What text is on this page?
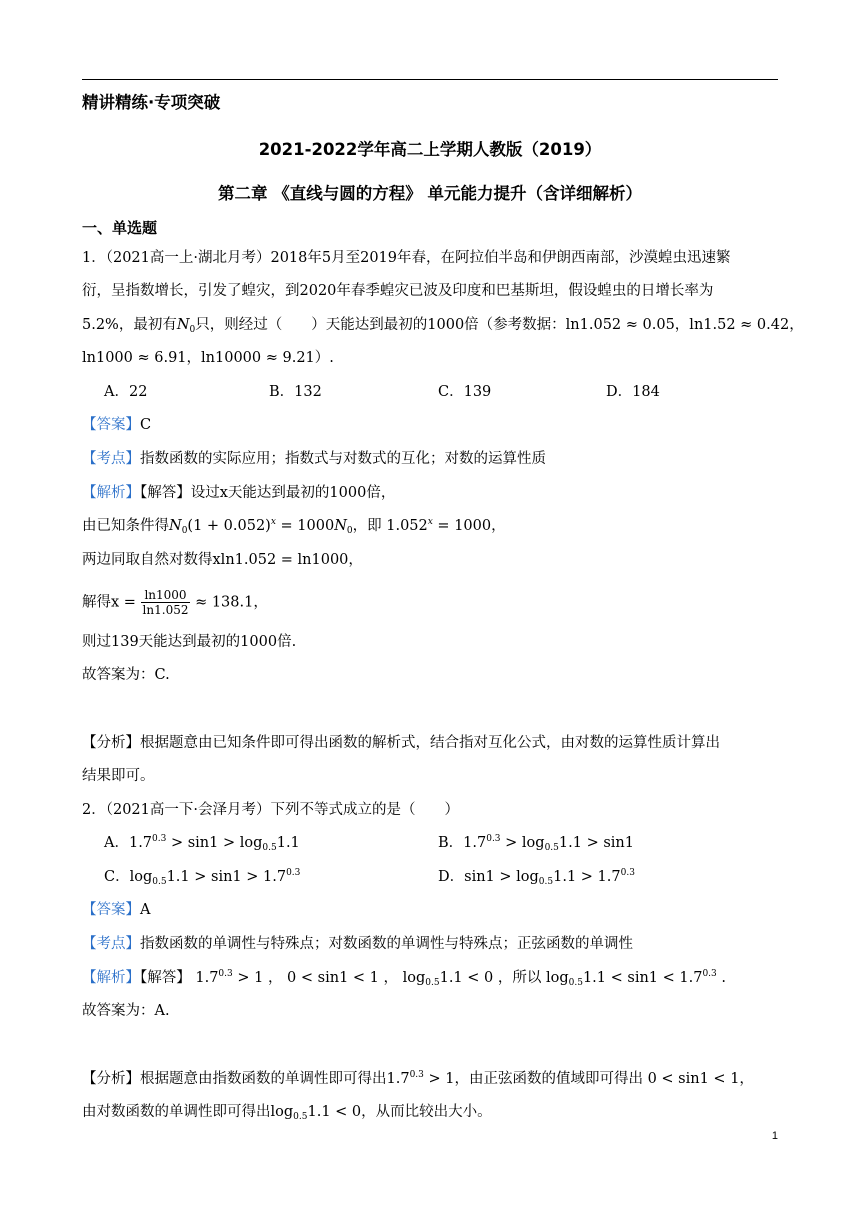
精讲精练·专项突破
2021-2022学年高二上学期人教版（2019）
第二章 《直线与圆的方程》 单元能力提升（含详细解析）
一、单选题
1．（2021高一上·湖北月考）2018年5月至2019年春，在阿拉伯半岛和伊朗西南部，沙漠蝗虫迅速繁
衍，呈指数增长，引发了蝗灾，到2020年春季蝗灾已波及印度和巴基斯坦，假设蝗虫的日增长率为
5.2%，最初有$N_0$只，则经过（　　）天能达到最初的1000倍（参考数据：ln1.052 ≈ 0.05，ln1.52 ≈ 0.42，
ln1000 ≈ 6.91，ln10000 ≈ 9.21）.
A．22	B．132	C．139	D．184
【答案】C
【考点】指数函数的实际应用；指数式与对数式的互化；对数的运算性质
【解析】【解答】设过x天能达到最初的1000倍，
由已知条件得$N_0(1 + 0.052)^x = 1000N_0$，即 $1.052^x = 1000$，
两边同取自然对数得xln1.052 = ln1000，
解得$x = \frac{\ln 1000}{\ln 1.052} \approx 138.1$，
则过139天能达到最初的1000倍.
故答案为：C.
【分析】根据题意由已知条件即可得出函数的解析式，结合指对互化公式，由对数的运算性质计算出
结果即可。
2．（2021高一下·会泽月考）下列不等式成立的是（　　）
A．$1.7^{0.3} > \sin 1 > \log_{0.5}1.1$	B．$1.7^{0.3} > \log_{0.5}1.1 > \sin 1$
C．$\log_{0.5}1.1 > \sin 1 > 1.7^{0.3}$	D．$\sin 1 > \log_{0.5}1.1 > 1.7^{0.3}$
【答案】A
【考点】指数函数的单调性与特殊点；对数函数的单调性与特殊点；正弦函数的单调性
【解析】【解答】 $1.7^{0.3} > 1$ ， 0 < sin1 < 1 ， $\log_{0.5}1.1 < 0$ ，所以 $\log_{0.5}1.1 < \sin 1 < 1.7^{0.3}$ .
故答案为：A.
【分析】根据题意由指数函数的单调性即可得出$1.7^{0.3} > 1$，由正弦函数的值域即可得出 0 < sin1 < 1，
由对数函数的单调性即可得出$\log_{0.5}1.1 < 0$，从而比较出大小。
1
